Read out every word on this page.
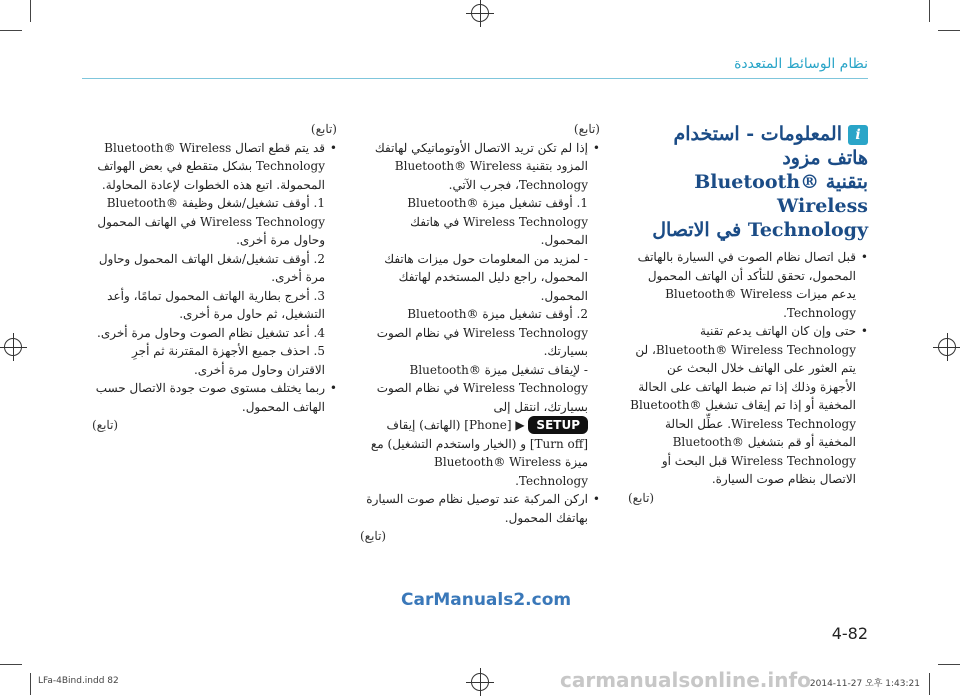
نظام الوسائط المتعددة
iالمعلومات - استخدام هاتف مزود
بتقنية Bluetooth® Wireless
Technology في الاتصال
• قبل اتصال نظام الصوت في السيارة بالهاتف المحمول، تحقق للتأكد أن الهاتف المحمول يدعم ميزات Bluetooth® Wireless Technology.
• حتى وإن كان الهاتف يدعم تقنية Bluetooth® Wireless Technology، لن يتم العثور على الهاتف خلال البحث عن الأجهزة وذلك إذا تم ضبط الهاتف على الحالة المخفية أو إذا تم إيقاف تشغيل Bluetooth® Wireless Technology. عطِّل الحالة المخفية أو قم بتشغيل Bluetooth® Wireless Technology قبل البحث أو الاتصال بنظام صوت السيارة.

(تابع)

(تابع)

• إذا لم تكن تريد الاتصال الأوتوماتيكي لهاتفك المزود بتقنية Bluetooth® Wireless Technology، فجرب الآتي.

1. أوقف تشغيل ميزة Bluetooth® Wireless Technology في هاتفك المحمول.

- لمزيد من المعلومات حول ميزات هاتفك المحمول، راجع دليل المستخدم لهاتفك المحمول.

2. أوقف تشغيل ميزة Bluetooth® Wireless Technology في نظام الصوت بسيارتك.

- لإيقاف تشغيل ميزة Bluetooth® Wireless Technology في نظام الصوت بسيارتك، انتقل إلى

SETUP ▶ [Phone] (الهاتف) إيقاف [Turn off] و (الخيار واستخدم التشغيل) مع ميزة Bluetooth® Wireless Technology.

• اركن المركبة عند توصيل نظام صوت السيارة بهاتفك المحمول.

(تابع)

(تابع)

• قد يتم قطع اتصال Bluetooth® Wireless Technology بشكل متقطع في بعض الهواتف المحمولة. اتبع هذه الخطوات لإعادة المحاولة.

1. أوقف تشغيل/شغل وظيفة Bluetooth® Wireless Technology في الهاتف المحمول وحاول مرة أخرى.

2. أوقف تشغيل/شغل الهاتف المحمول وحاول مرة أخرى.

3. أخرج بطارية الهاتف المحمول تمامًا، وأعد التشغيل، ثم حاول مرة أخرى.

4. أعد تشغيل نظام الصوت وحاول مرة أخرى.

5. احذف جميع الأجهزة المقترنة ثم أجرِ الاقتران وحاول مرة أخرى.

• ربما يختلف مستوى صوت جودة الاتصال حسب الهاتف المحمول.

(تابع)

CarManuals2.com
4-82
LFa-4Bind.indd 82	carmanualsonline.info
2014-11-27 오후 1:43:21
